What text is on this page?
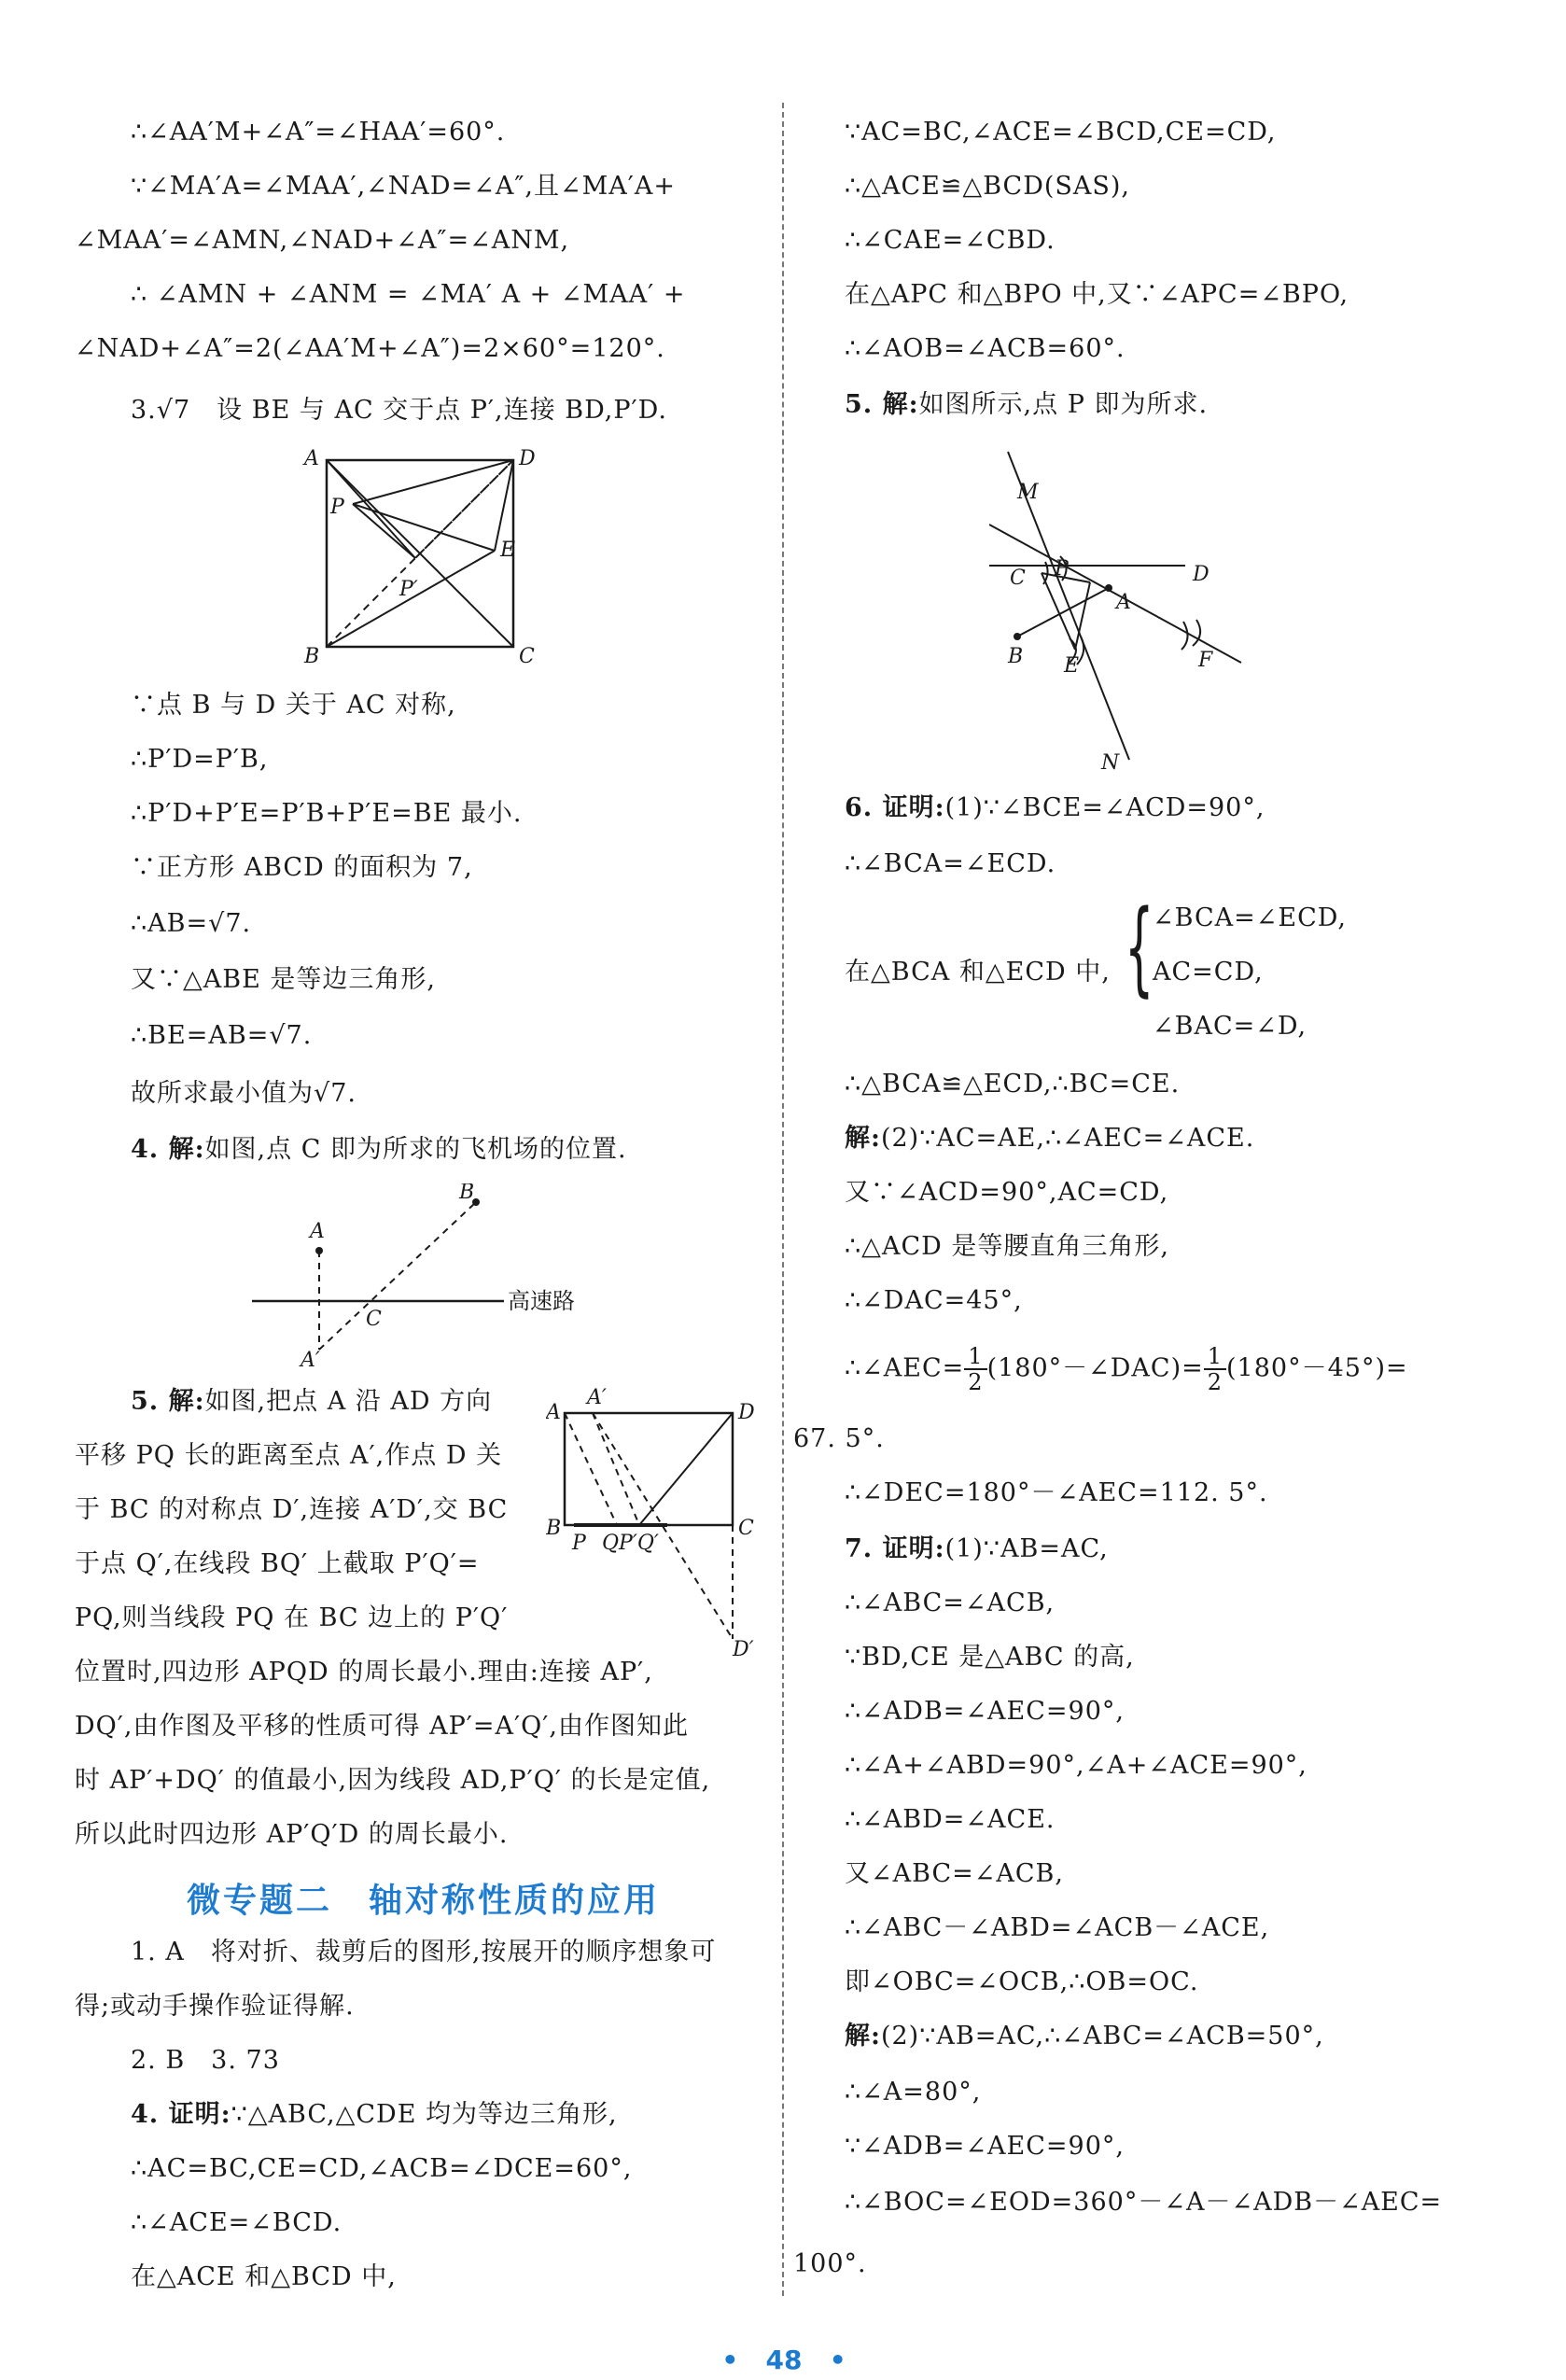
∴∠AA′M+∠A″=∠HAA′=60°.
∵∠MA′A=∠MAA′,∠NAD=∠A″,且∠MA′A+
∠MAA′=∠AMN,∠NAD+∠A″=∠ANM,
∴ ∠AMN + ∠ANM = ∠MA′ A + ∠MAA′ +
∠NAD+∠A″=2(∠AA′M+∠A″)=2×60°=120°.
3.√7　设 BE 与 AC 交于点 P′,连接 BD,P′D.
A	D
B	C
E
P
P′
∵点 B 与 D 关于 AC 对称,
∴P′D=P′B,
∴P′D+P′E=P′B+P′E=BE 最小.
∵正方形 ABCD 的面积为 7,
∴AB=√7.
又∵△ABE 是等边三角形,
∴BE=AB=√7.
故所求最小值为√7.
4. 解:如图,点 C 即为所求的飞机场的位置.
A
B
C
A′
高速路
5. 解:如图,把点 A 沿 AD 方向
平移 PQ 长的距离至点 A′,作点 D 关
于 BC 的对称点 D′,连接 A′D′,交 BC
于点 Q′,在线段 BQ′ 上截取 P′Q′=
PQ,则当线段 PQ 在 BC 边上的 P′Q′
A
A′
D
B	C
P QP′Q′
D′
位置时,四边形 APQD 的周长最小.理由:连接 AP′,
DQ′,由作图及平移的性质可得 AP′=A′Q′,由作图知此
时 AP′+DQ′ 的值最小,因为线段 AD,P′Q′ 的长是定值,
所以此时四边形 AP′Q′D 的周长最小.
微专题二　轴对称性质的应用
1. A　将对折、裁剪后的图形,按展开的顺序想象可
得;或动手操作验证得解.
2. B　3. 73
4. 证明:∵△ABC,△CDE 均为等边三角形,
∴AC=BC,CE=CD,∠ACB=∠DCE=60°,
∴∠ACE=∠BCD.
在△ACE 和△BCD 中,
∵AC=BC,∠ACE=∠BCD,CE=CD,
∴△ACE≌△BCD(SAS),
∴∠CAE=∠CBD.
在△APC 和△BPO 中,又∵∠APC=∠BPO,
∴∠AOB=∠ACB=60°.
5. 解:如图所示,点 P 即为所求.
M
N
C P	D
A
B E	F
6. 证明:(1)∵∠BCE=∠ACD=90°,
∴∠BCA=∠ECD.
在△BCA 和△ECD 中, {
∠BCA=∠ECD,
AC=CD,
∠BAC=∠D,
∴△BCA≌△ECD,∴BC=CE.
解:(2)∵AC=AE,∴∠AEC=∠ACE.
又∵∠ACD=90°,AC=CD,
∴△ACD 是等腰直角三角形,
∴∠DAC=45°,
∴∠AEC= $\frac{1}{2}$ (180°－∠DAC)= $\frac{1}{2} (180^\circ-45^\circ)=$
67. 5°.
∴∠DEC=180°－∠AEC=112. 5°.
7. 证明:(1)∵AB=AC,
∴∠ABC=∠ACB,
∵BD,CE 是△ABC 的高,
∴∠ADB=∠AEC=90°,
∴∠A+∠ABD=90°,∠A+∠ACE=90°,
∴∠ABD=∠ACE.
又∠ABC=∠ACB,
∴∠ABC－∠ABD=∠ACB－∠ACE,
即∠OBC=∠OCB,∴OB=OC.
解:(2)∵AB=AC,∴∠ABC=∠ACB=50°,
∴∠A=80°,
∵∠ADB=∠AEC=90°,
∴∠BOC=∠EOD=360°－∠A－∠ADB－∠AEC=
100°.
• 48 •
